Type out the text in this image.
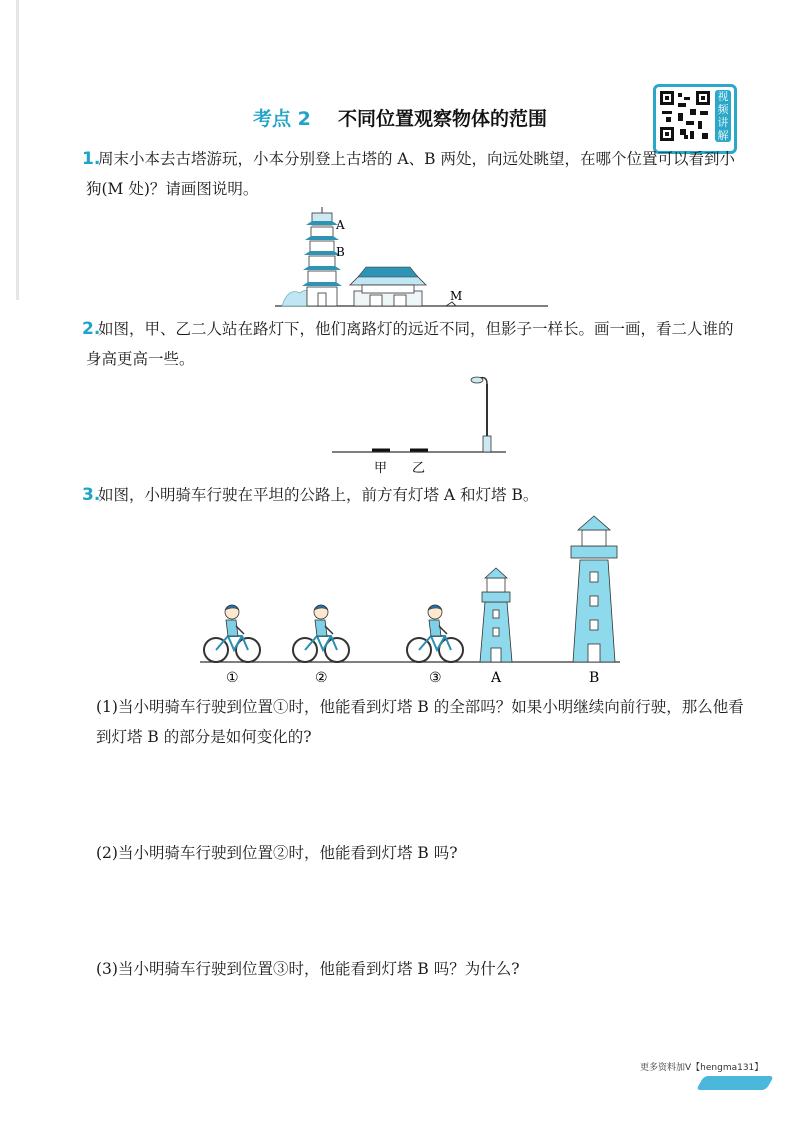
考点 2 不同位置观察物体的范围
视频讲解
1.
周末小本去古塔游玩，小本分别登上古塔的 A、B 两处，向远处眺望，在哪个位置可以看到小狗(M 处)？请画图说明。
A
B
M
2.
如图，甲、乙二人站在路灯下，他们离路灯的远近不同，但影子一样长。画一画，看二人谁的身高更高一些。
甲 乙
3.
如图，小明骑车行驶在平坦的公路上，前方有灯塔 A 和灯塔 B。
①	②	③	A	B
(1)当小明骑车行驶到位置①时，他能看到灯塔 B 的全部吗？如果小明继续向前行驶，那么他看到灯塔 B 的部分是如何变化的?
(2)当小明骑车行驶到位置②时，他能看到灯塔 B 吗?
(3)当小明骑车行驶到位置③时，他能看到灯塔 B 吗？为什么?
更多资料加V【hengma131】
